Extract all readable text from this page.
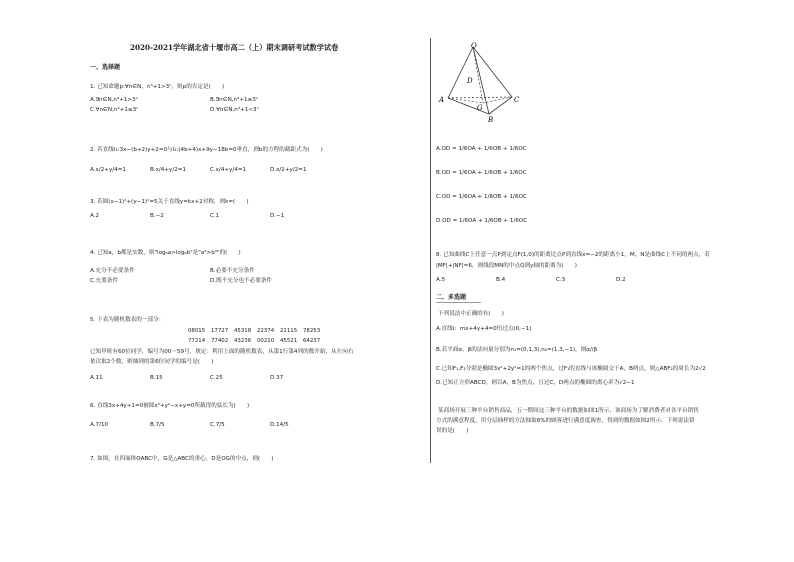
2020-2021学年湖北省十堰市高二（上）期末调研考试数学试卷
一、选择题
1. 已知命题p:∀n∈N，n³+1>3ⁿ，则p的否定是(　　)
A.∃n∈N,n³+1>3ⁿ	B.∃n∈N,n³+1≤3ⁿ
C.∀n∈N,n³+1≤3ⁿ	D.∀n∈N,n³+1<3ⁿ
2. 若直线l₁:3x−(b+2)y+2=0与l₂:(4b+4)x+9y−18b=0垂直，则b的方程的截距式为(　　)
A.x/2+y/4=1	B.x/4+y/2=1	C.x/4+y/4=1	D.x/2+y/2=1
3. 若圆(x−1)²+(y−1)²=5关于直线y=kx+2对称，则k=(　　)
A.2	B.−2	C.1	D.−1
4. 已知a，b都是实数，则"logₐa>logₐb"是"a³>b³"的(　　)
A.充分不必要条件	B.必要不充分条件
C.充要条件	D.既不充分也不必要条件
5. 下表为随机数表的一部分：
08015 17727 45318 22374 21115 78253
77214 77402 43236 00210 45521 64237
已知甲班有60位同学，编号为00～59号，规定：利用上面的随机数表，从第1行第4列的数开始，从左向右
依次取2个数，则抽到的第6位同学的编号是(　　)
A.11	B.15	C.25	D.37
6. 直线3x+4y+1=0被圆x²+y²−x+y=0所截得的弦长为(　　)
A.7/10	B.7/5	C.7/5	D.14/5
7. 如图，在四面体OABC中，G是△ABC的重心，D是OG的中点，则(　　)
O
D
A
G
C
B
A.OD = 1/6OA + 1/6OB + 1/6OC
B.OD = 1/6OA + 1/6OB + 1/6OC
C.OD = 1/6OA + 1/6OB + 1/6OC
D.OD = 1/6OA + 1/6OB + 1/6OC
8. 已知曲线C上任意一点P到定点F(1,0)的距离比点P到直线x=−2的距离小1，M，N是曲线C上不同的两点，若
|MF|+|NF|=6，则线段MN的中点Q到y轴的距离为(　　)
A.5	B.4	C.3	D.2
二、多选题
下列说法中正确的有(　　)
A.直线l：mx+4y+4=0恒过点(0,−1)
B.若平面α，β的法向量分别为n₁=(0,1,3),n₂=(1,3,−1)，则α//β
C.已知F₁,F₂分别是椭圆3x²+2y²=1的两个焦点，过F₁的直线与该椭圆交于A，B两点，则△ABF₂的周长为2√2
D.已知正方形ABCD，则以A，B为焦点，且过C，D两点的椭圆的离心率为√2−1
某商场开展三种平台销售商品，五一期间这三种平台的数据如图1所示，该商场为了解消费者对各平台销售
方式的满意程度，用分层抽样的方法抽取6%的顾客进行满意度调查，得到的数据如图2所示．下列说法错
误的是(　　)
